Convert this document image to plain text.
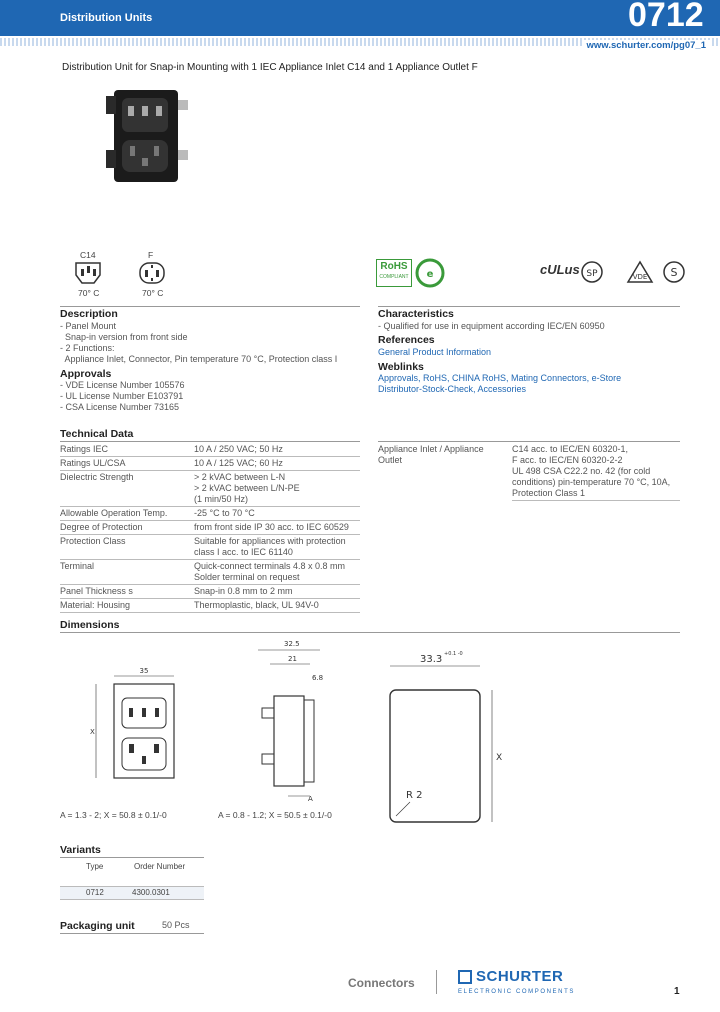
Distribution Units	0712
www.schurter.com/pg07_1
Distribution Unit for Snap-in Mounting with 1 IEC Appliance Inlet C14 and 1 Appliance Outlet F
C14
70° C
F
70° C
RoHS
COMPLIANT e	cULus SP	VDE S
Description
- Panel Mount
Snap-in version from front side
- 2 Functions:
Appliance Inlet, Connector, Pin temperature 70 °C, Protection class I
Approvals
- VDE License Number 105576
- UL License Number E103791
- CSA License Number 73165
Characteristics
- Qualified for use in equipment according IEC/EN 60950
References
General Product Information
Weblinks
Approvals, RoHS, CHINA RoHS, Mating Connectors, e-Store
Distributor-Stock-Check, Accessories
Technical Data
Ratings IEC	10 A / 250 VAC; 50 Hz
Ratings UL/CSA	10 A / 125 VAC; 60 Hz
Dielectric Strength	> 2 kVAC between L-N
> 2 kVAC between L/N-PE
(1 min/50 Hz)
Allowable Operation Temp.	-25 °C to 70 °C
Degree of Protection	from front side IP 30 acc. to IEC 60529
Protection Class	Suitable for appliances with protection
class I acc. to IEC 61140
Terminal	Quick-connect terminals 4.8 x 0.8 mm
Solder terminal on request
Panel Thickness s	Snap-in 0.8 mm to 2 mm
Material: Housing	Thermoplastic, black, UL 94V-0
Appliance Inlet / Appliance
Outlet	C14 acc. to IEC/EN 60320-1,
F acc. to IEC/EN 60320-2-2
UL 498 CSA C22.2 no. 42 (for cold
conditions) pin-temperature 70 °C, 10A,
Protection Class 1
Dimensions
35
X
A = 1.3 - 2; X = 50.8 ± 0.1/-0
32.5
21
6.8
A
A = 0.8 - 1.2; X = 50.5 ± 0.1/-0
33.3 +0.1 -0
X
R 2
Variants
Type	Order Number
0712	4300.0301
Packaging unit	50 Pcs
Connectors	SCHURTER
ELECTRONIC COMPONENTS	1
